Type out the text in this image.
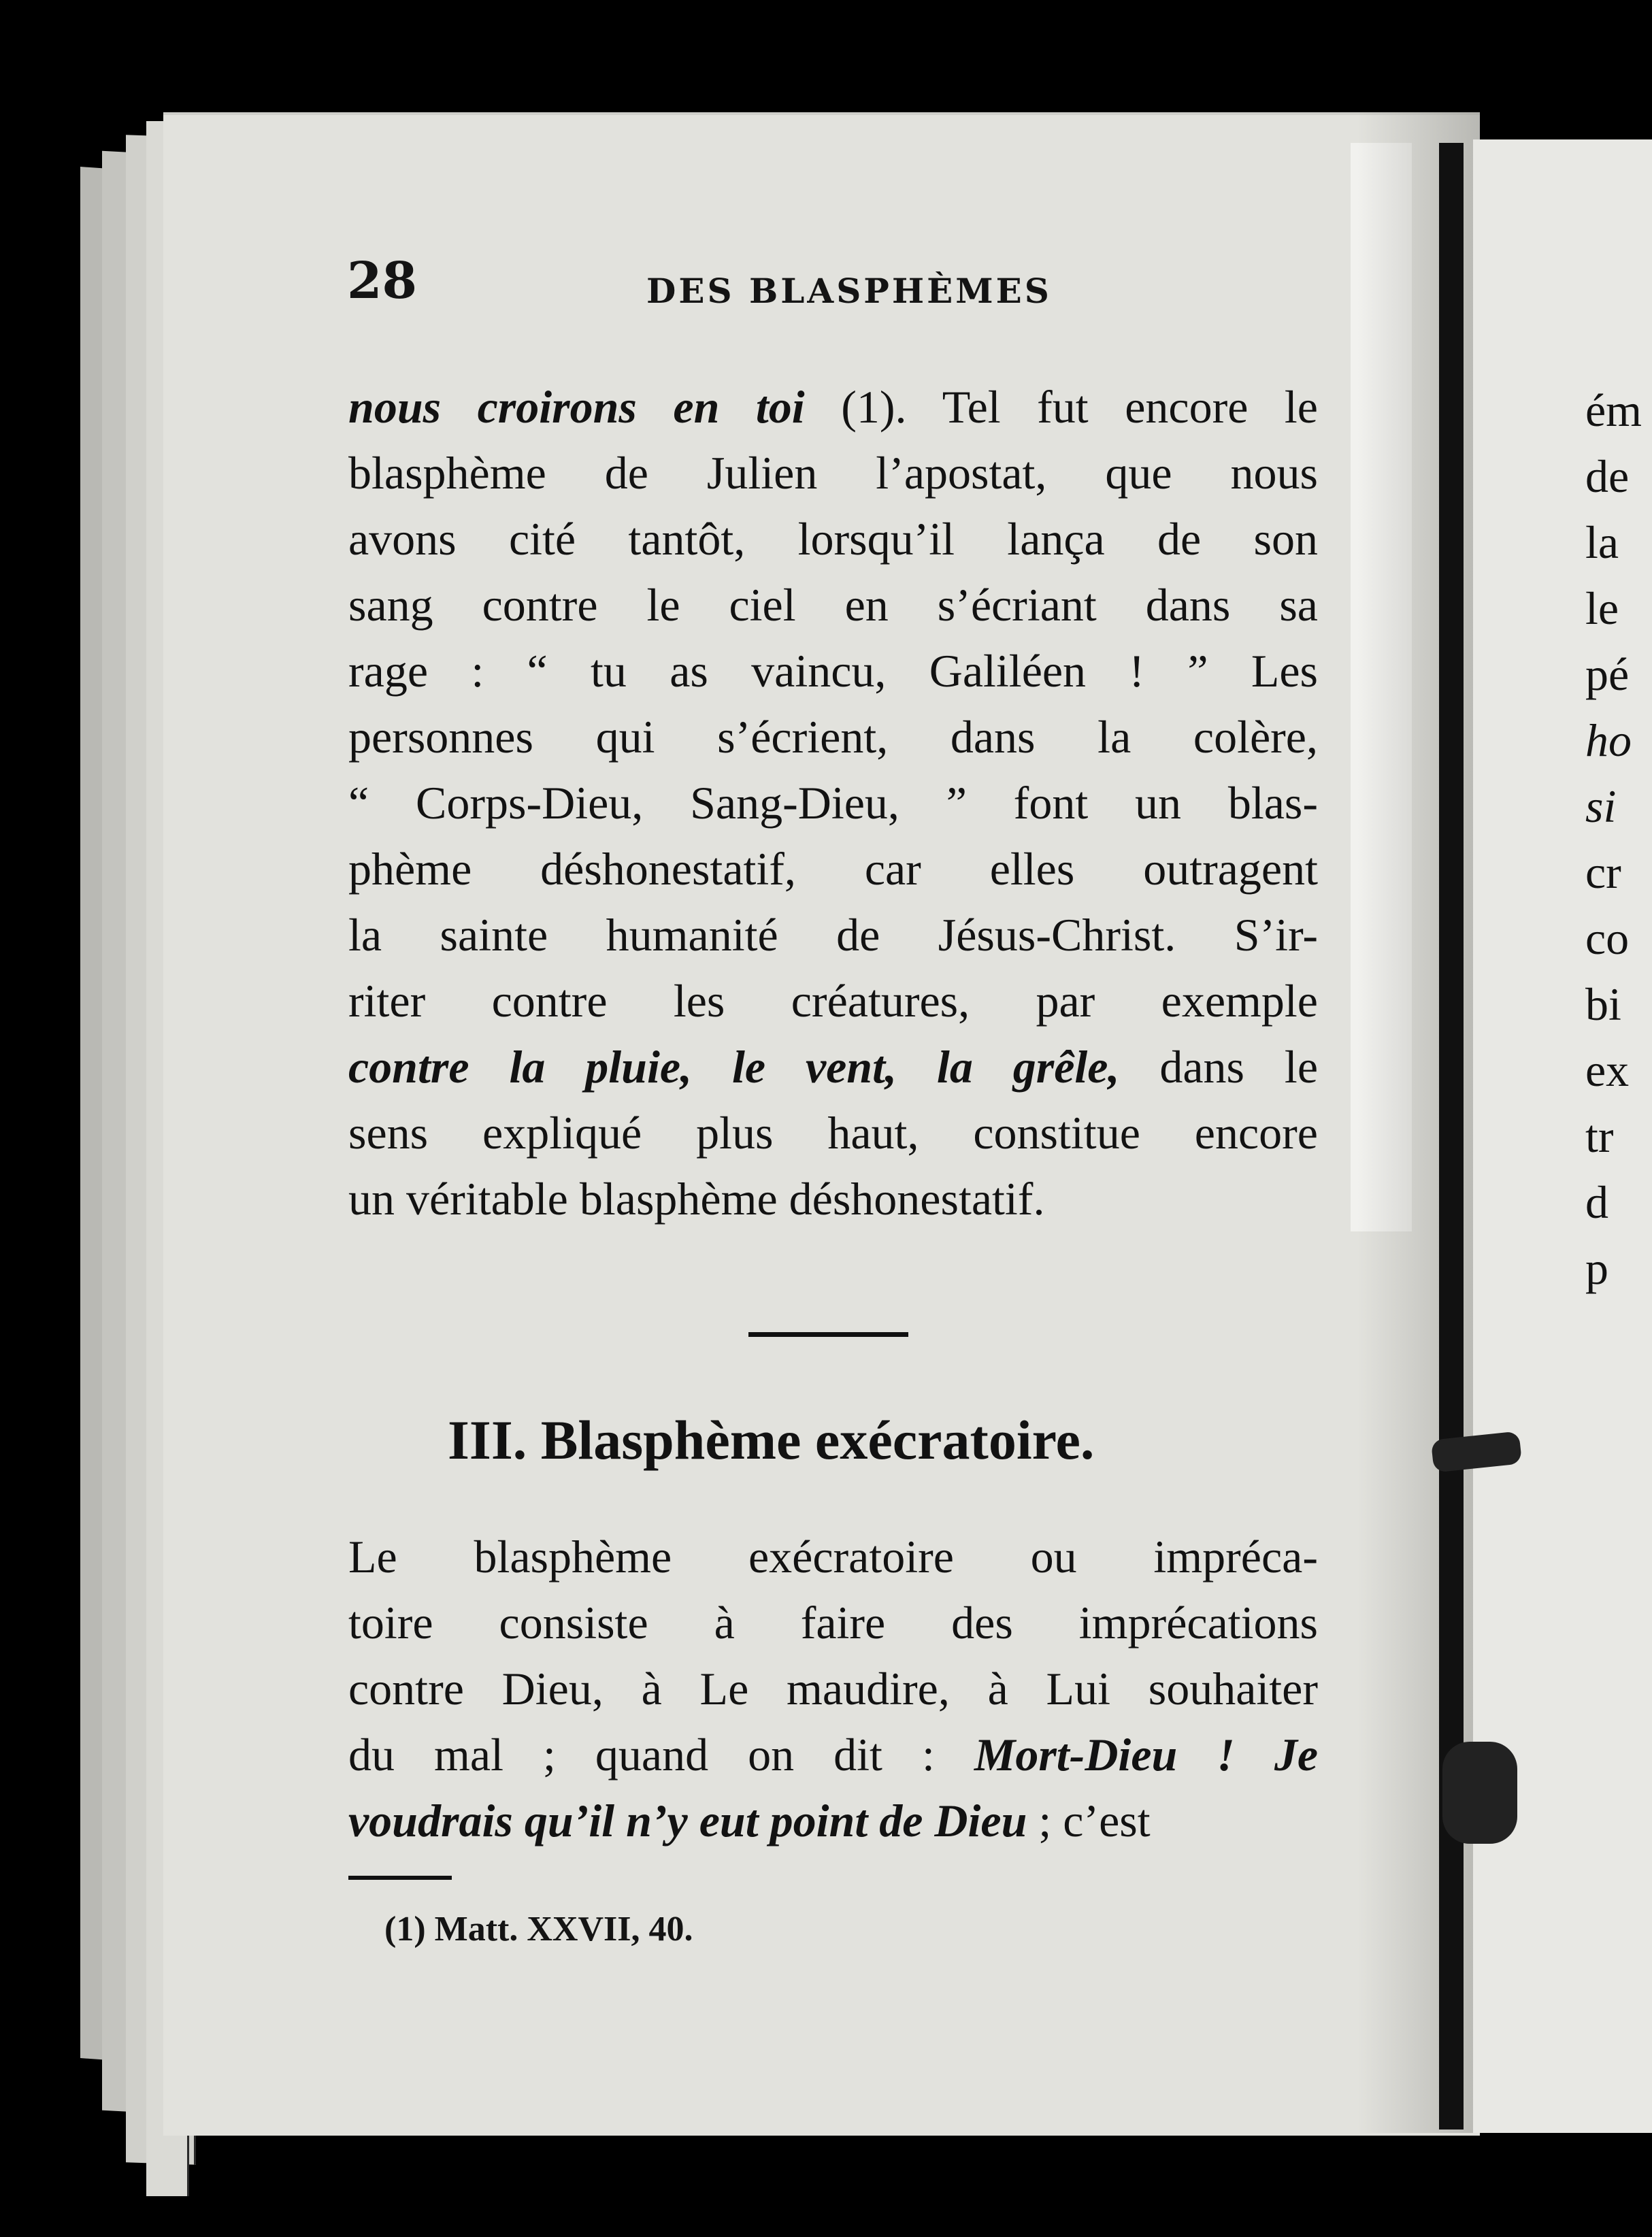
28	DES BLASPHÈMES
nous croirons en toi (1). Tel fut encore le
blasphème de Julien l’apostat, que nous
avons cité tantôt, lorsqu’il lança de son
sang contre le ciel en s’écriant dans sa
rage : “ tu as vaincu, Galiléen ! ” Les
personnes qui s’écrient, dans la colère,
“ Corps-Dieu, Sang-Dieu, ” font un blas-
phème déshonestatif, car elles outragent
la sainte humanité de Jésus-Christ. S’ir-
riter contre les créatures, par exemple
contre la pluie, le vent, la grêle, dans le
sens expliqué plus haut, constitue encore
un véritable blasphème déshonestatif.
III. Blasphème exécratoire.
Le blasphème exécratoire ou impréca-
toire consiste à faire des imprécations
contre Dieu, à Le maudire, à Lui souhaiter
du mal ; quand on dit : Mort-Dieu ! Je
voudrais qu’il n’y eut point de Dieu ; c’est
(1) Matt. XXVII, 40.
ém
de
la
le
pé
ho
si
cr
co
bi
ex
tr
d
p
